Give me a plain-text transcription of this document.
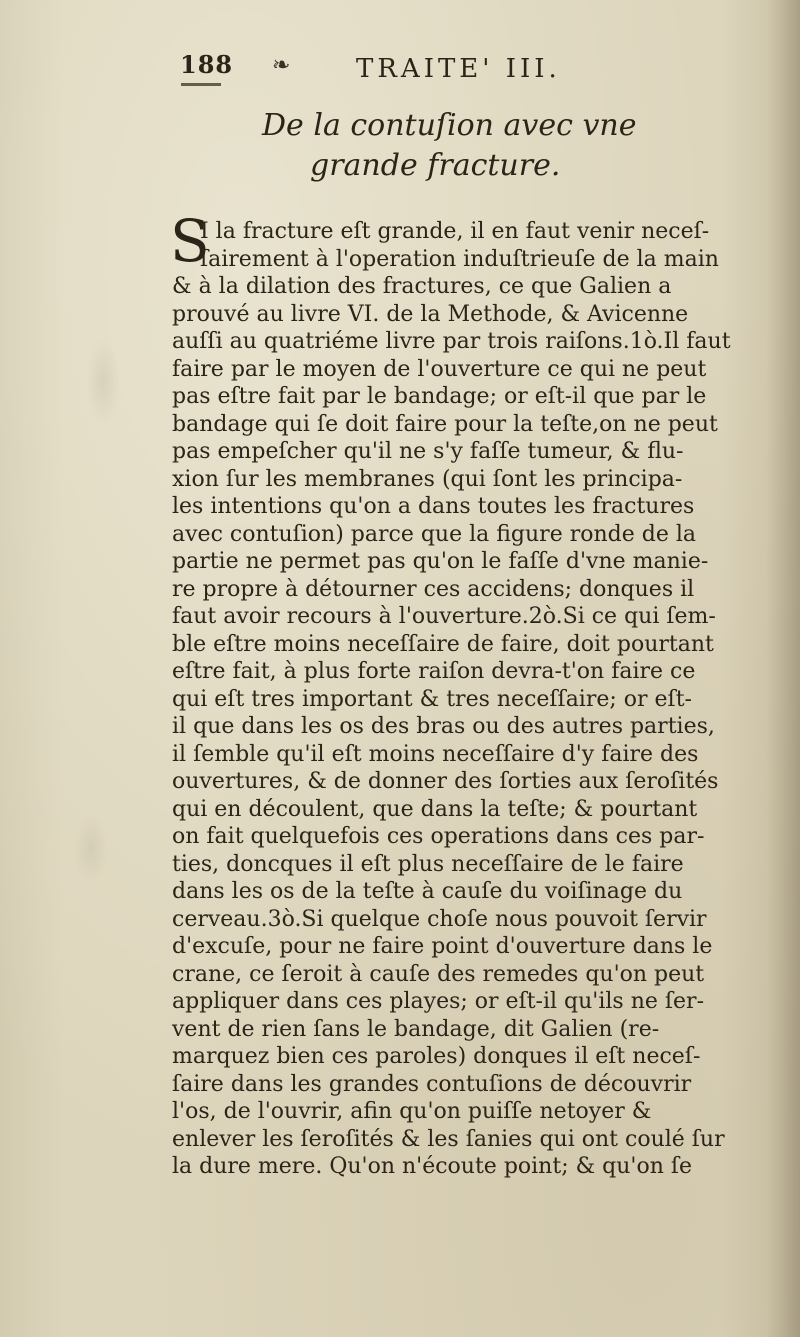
188 ❧	TRAITE' III.
De la contuſion avec vne
grande fracture.
S
I la fracture eſt grande, il en faut venir neceſ-
ſairement à l'operation induſtrieuſe de la main
& à la dilation des fractures, ce que Galien a
prouvé au livre VI. de la Methode, & Avicenne
auſſi au quatriéme livre par trois raiſons.1ò.Il faut
faire par le moyen de l'ouverture ce qui ne peut
pas eſtre fait par le bandage; or eſt-il que par le
bandage qui ſe doit faire pour la teſte,on ne peut
pas empeſcher qu'il ne s'y faſſe tumeur, & flu-
xion ſur les membranes (qui ſont les principa-
les intentions qu'on a dans toutes les fractures
avec contuſion) parce que la figure ronde de la
partie ne permet pas qu'on le faſſe d'vne manie-
re propre à détourner ces accidens; donques il
faut avoir recours à l'ouverture.2ò.Si ce qui ſem-
ble eſtre moins neceſſaire de faire, doit pourtant
eſtre fait, à plus forte raiſon devra-t'on faire ce
qui eſt tres important & tres neceſſaire; or eſt-
il que dans les os des bras ou des autres parties,
il ſemble qu'il eſt moins neceſſaire d'y faire des
ouvertures, & de donner des ſorties aux ſeroſités
qui en découlent, que dans la teſte; & pourtant
on fait quelquefois ces operations dans ces par-
ties, doncques il eſt plus neceſſaire de le faire
dans les os de la teſte à cauſe du voiſinage du
cerveau.3ò.Si quelque choſe nous pouvoit ſervir
d'excuſe, pour ne faire point d'ouverture dans le
crane, ce ſeroit à cauſe des remedes qu'on peut
appliquer dans ces playes; or eſt-il qu'ils ne ſer-
vent de rien ſans le bandage, dit Galien (re-
marquez bien ces paroles) donques il eſt neceſ-
ſaire dans les grandes contuſions de découvrir
l'os, de l'ouvrir, afin qu'on puiſſe netoyer &
enlever les ſeroſités & les ſanies qui ont coulé ſur
la dure mere. Qu'on n'écoute point; & qu'on ſe
